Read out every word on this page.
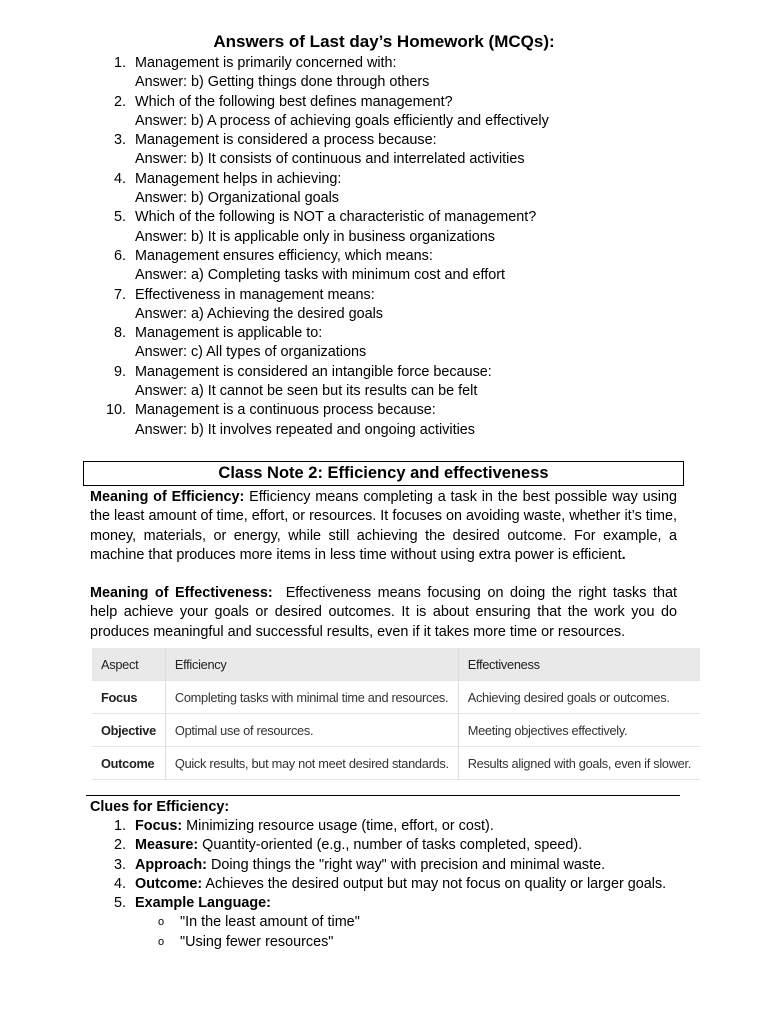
Answers of Last day’s Homework (MCQs):
1. Management is primarily concerned with:
Answer: b) Getting things done through others
2. Which of the following best defines management?
Answer: b) A process of achieving goals efficiently and effectively
3. Management is considered a process because:
Answer: b) It consists of continuous and interrelated activities
4. Management helps in achieving:
Answer: b) Organizational goals
5. Which of the following is NOT a characteristic of management?
Answer: b) It is applicable only in business organizations
6. Management ensures efficiency, which means:
Answer: a) Completing tasks with minimum cost and effort
7. Effectiveness in management means:
Answer: a) Achieving the desired goals
8. Management is applicable to:
Answer: c) All types of organizations
9. Management is considered an intangible force because:
Answer: a) It cannot be seen but its results can be felt
10. Management is a continuous process because:
Answer: b) It involves repeated and ongoing activities
Class Note 2: Efficiency and effectiveness
Meaning of Efficiency: Efficiency means completing a task in the best possible way using the least amount of time, effort, or resources. It focuses on avoiding waste, whether it’s time, money, materials, or energy, while still achieving the desired outcome. For example, a machine that produces more items in less time without using extra power is efficient.
Meaning of Effectiveness:  Effectiveness means focusing on doing the right tasks that help achieve your goals or desired outcomes. It is about ensuring that the work you do produces meaningful and successful results, even if it takes more time or resources.
Aspect	Efficiency	Effectiveness
Focus	Completing tasks with minimal time and resources.	Achieving desired goals or outcomes.
Objective	Optimal use of resources.	Meeting objectives effectively.
Outcome	Quick results, but may not meet desired standards.	Results aligned with goals, even if slower.
Clues for Efficiency:
1. Focus: Minimizing resource usage (time, effort, or cost).
2. Measure: Quantity-oriented (e.g., number of tasks completed, speed).
3. Approach: Doing things the "right way" with precision and minimal waste.
4. Outcome: Achieves the desired output but may not focus on quality or larger goals.
5. Example Language:
o "In the least amount of time"
o "Using fewer resources"
